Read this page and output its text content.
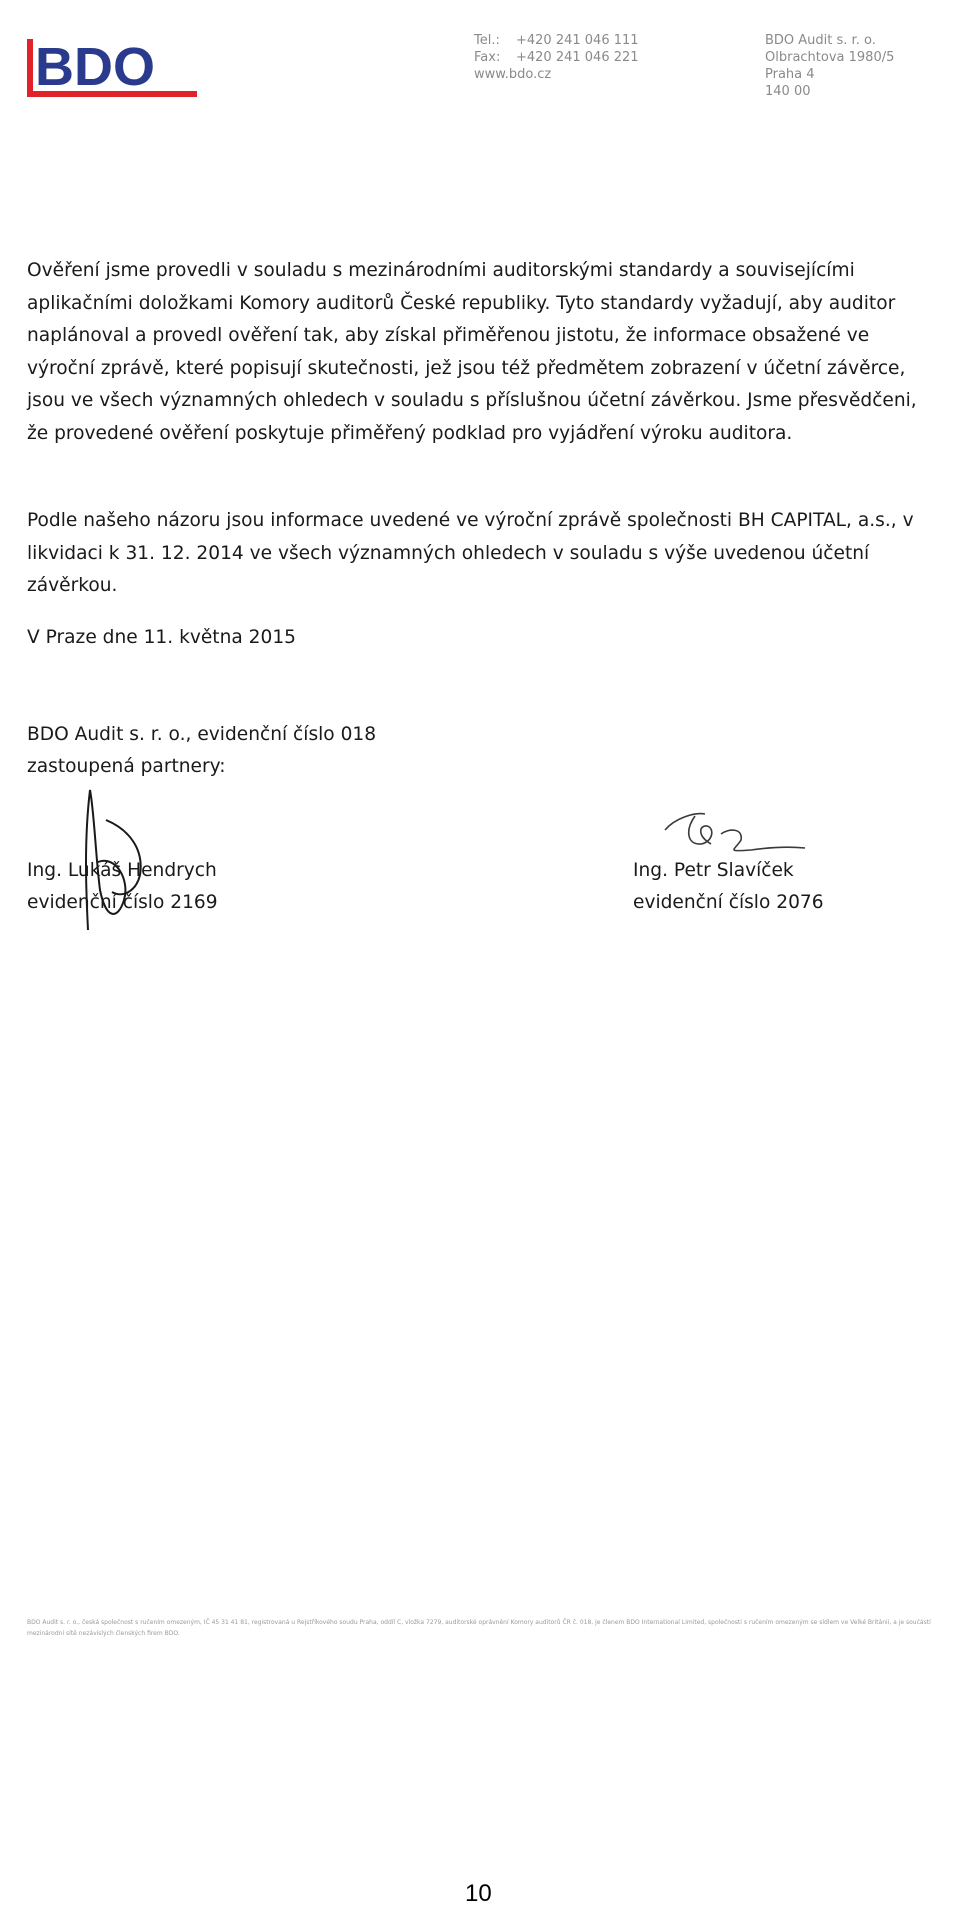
BDO	Tel.: +420 241 046 111
Fax: +420 241 046 221
www.bdo.cz
BDO Audit s. r. o.
Olbrachtova 1980/5
Praha 4
140 00

Ověření jsme provedli v souladu s mezinárodními auditorskými standardy a souvisejícími aplikačními doložkami Komory auditorů České republiky. Tyto standardy vyžadují, aby auditor naplánoval a provedl ověření tak, aby získal přiměřenou jistotu, že informace obsažené ve výroční zprávě, které popisují skutečnosti, jež jsou též předmětem zobrazení v účetní závěrce, jsou ve všech významných ohledech v souladu s příslušnou účetní závěrkou. Jsme přesvědčeni, že provedené ověření poskytuje přiměřený podklad pro vyjádření výroku auditora.

Podle našeho názoru jsou informace uvedené ve výroční zprávě společnosti BH CAPITAL, a.s., v likvidaci k 31. 12. 2014 ve všech významných ohledech v souladu s výše uvedenou účetní závěrkou.

V Praze dne 11. května 2015
BDO Audit s. r. o., evidenční číslo 018
zastoupená partnery:
Ing. Lukáš Hendrych
evidenční číslo 2169
Ing. Petr Slavíček
evidenční číslo 2076
BDO Audit s. r. o., česká společnost s ručením omezeným, IČ 45 31 41 81, registrovaná u Rejstříkového soudu Praha, oddíl C, vložka 7279, auditorské oprávnění Komory auditorů ČR č. 018, je členem BDO International Limited, společnosti s ručením omezeným se sídlem ve Velké Británii, a je součástí mezinárodní sítě nezávislých členských firem BDO.
10
